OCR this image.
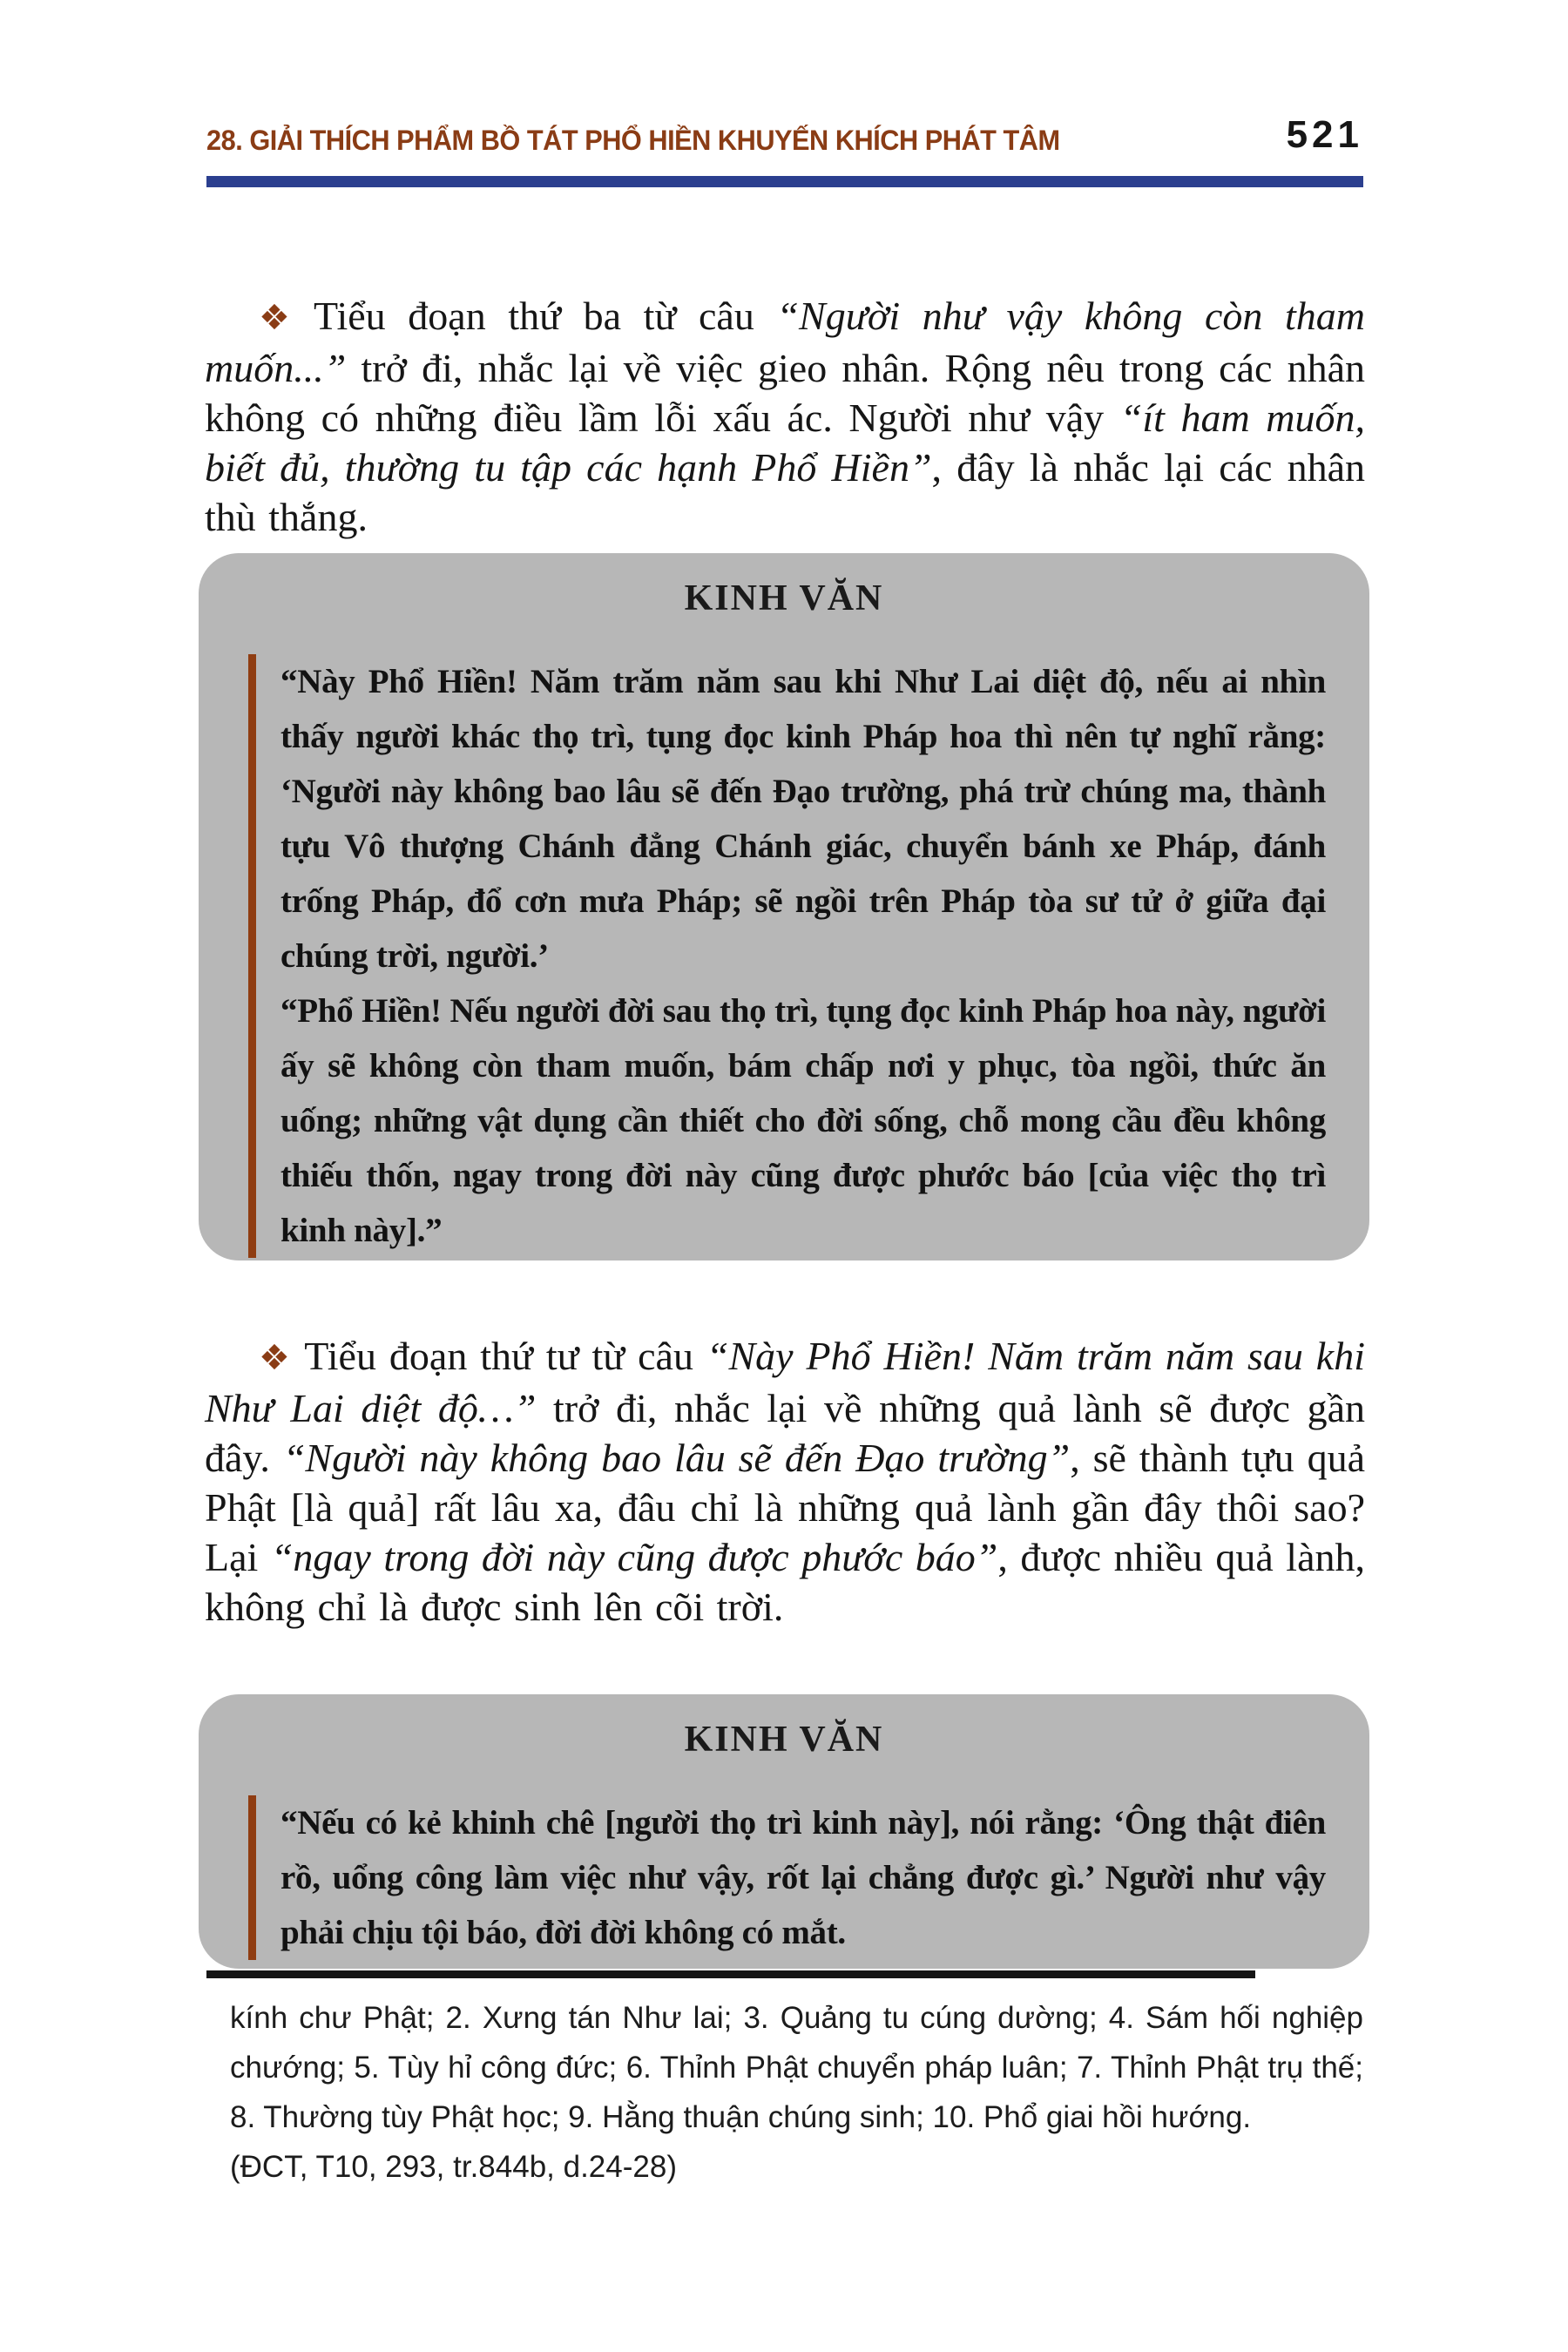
28. GIẢI THÍCH PHẨM BỒ TÁT PHỔ HIỀN KHUYẾN KHÍCH PHÁT TÂM	521

❖ Tiểu đoạn thứ ba từ câu “Người như vậy không còn tham muốn...” trở đi, nhắc lại về việc gieo nhân. Rộng nêu trong các nhân không có những điều lầm lỗi xấu ác. Người như vậy “ít ham muốn, biết đủ, thường tu tập các hạnh Phổ Hiền”, đây là nhắc lại các nhân thù thắng.

KINH VĂN

“Này Phổ Hiền! Năm trăm năm sau khi Như Lai diệt độ, nếu ai nhìn thấy người khác thọ trì, tụng đọc kinh Pháp hoa thì nên tự nghĩ rằng: ‘Người này không bao lâu sẽ đến Đạo trường, phá trừ chúng ma, thành tựu Vô thượng Chánh đẳng Chánh giác, chuyển bánh xe Pháp, đánh trống Pháp, đổ cơn mưa Pháp; sẽ ngồi trên Pháp tòa sư tử ở giữa đại chúng trời, người.’

“Phổ Hiền! Nếu người đời sau thọ trì, tụng đọc kinh Pháp hoa này, người ấy sẽ không còn tham muốn, bám chấp nơi y phục, tòa ngồi, thức ăn uống; những vật dụng cần thiết cho đời sống, chỗ mong cầu đều không thiếu thốn, ngay trong đời này cũng được phước báo [của việc thọ trì kinh này].”

❖ Tiểu đoạn thứ tư từ câu “Này Phổ Hiền! Năm trăm năm sau khi Như Lai diệt độ…” trở đi, nhắc lại về những quả lành sẽ được gần đây. “Người này không bao lâu sẽ đến Đạo trường”, sẽ thành tựu quả Phật [là quả] rất lâu xa, đâu chỉ là những quả lành gần đây thôi sao? Lại “ngay trong đời này cũng được phước báo”, được nhiều quả lành, không chỉ là được sinh lên cõi trời.

KINH VĂN

“Nếu có kẻ khinh chê [người thọ trì kinh này], nói rằng: ‘Ông thật điên rồ, uổng công làm việc như vậy, rốt lại chẳng được gì.’ Người như vậy phải chịu tội báo, đời đời không có mắt.

kính chư Phật; 2. Xưng tán Như lai; 3. Quảng tu cúng dường; 4. Sám hối nghiệp chướng; 5. Tùy hỉ công đức; 6. Thỉnh Phật chuyển pháp luân; 7. Thỉnh Phật trụ thế; 8. Thường tùy Phật học; 9. Hằng thuận chúng sinh; 10. Phổ giai hồi hướng.
(ĐCT, T10, 293, tr.844b, d.24-28)
